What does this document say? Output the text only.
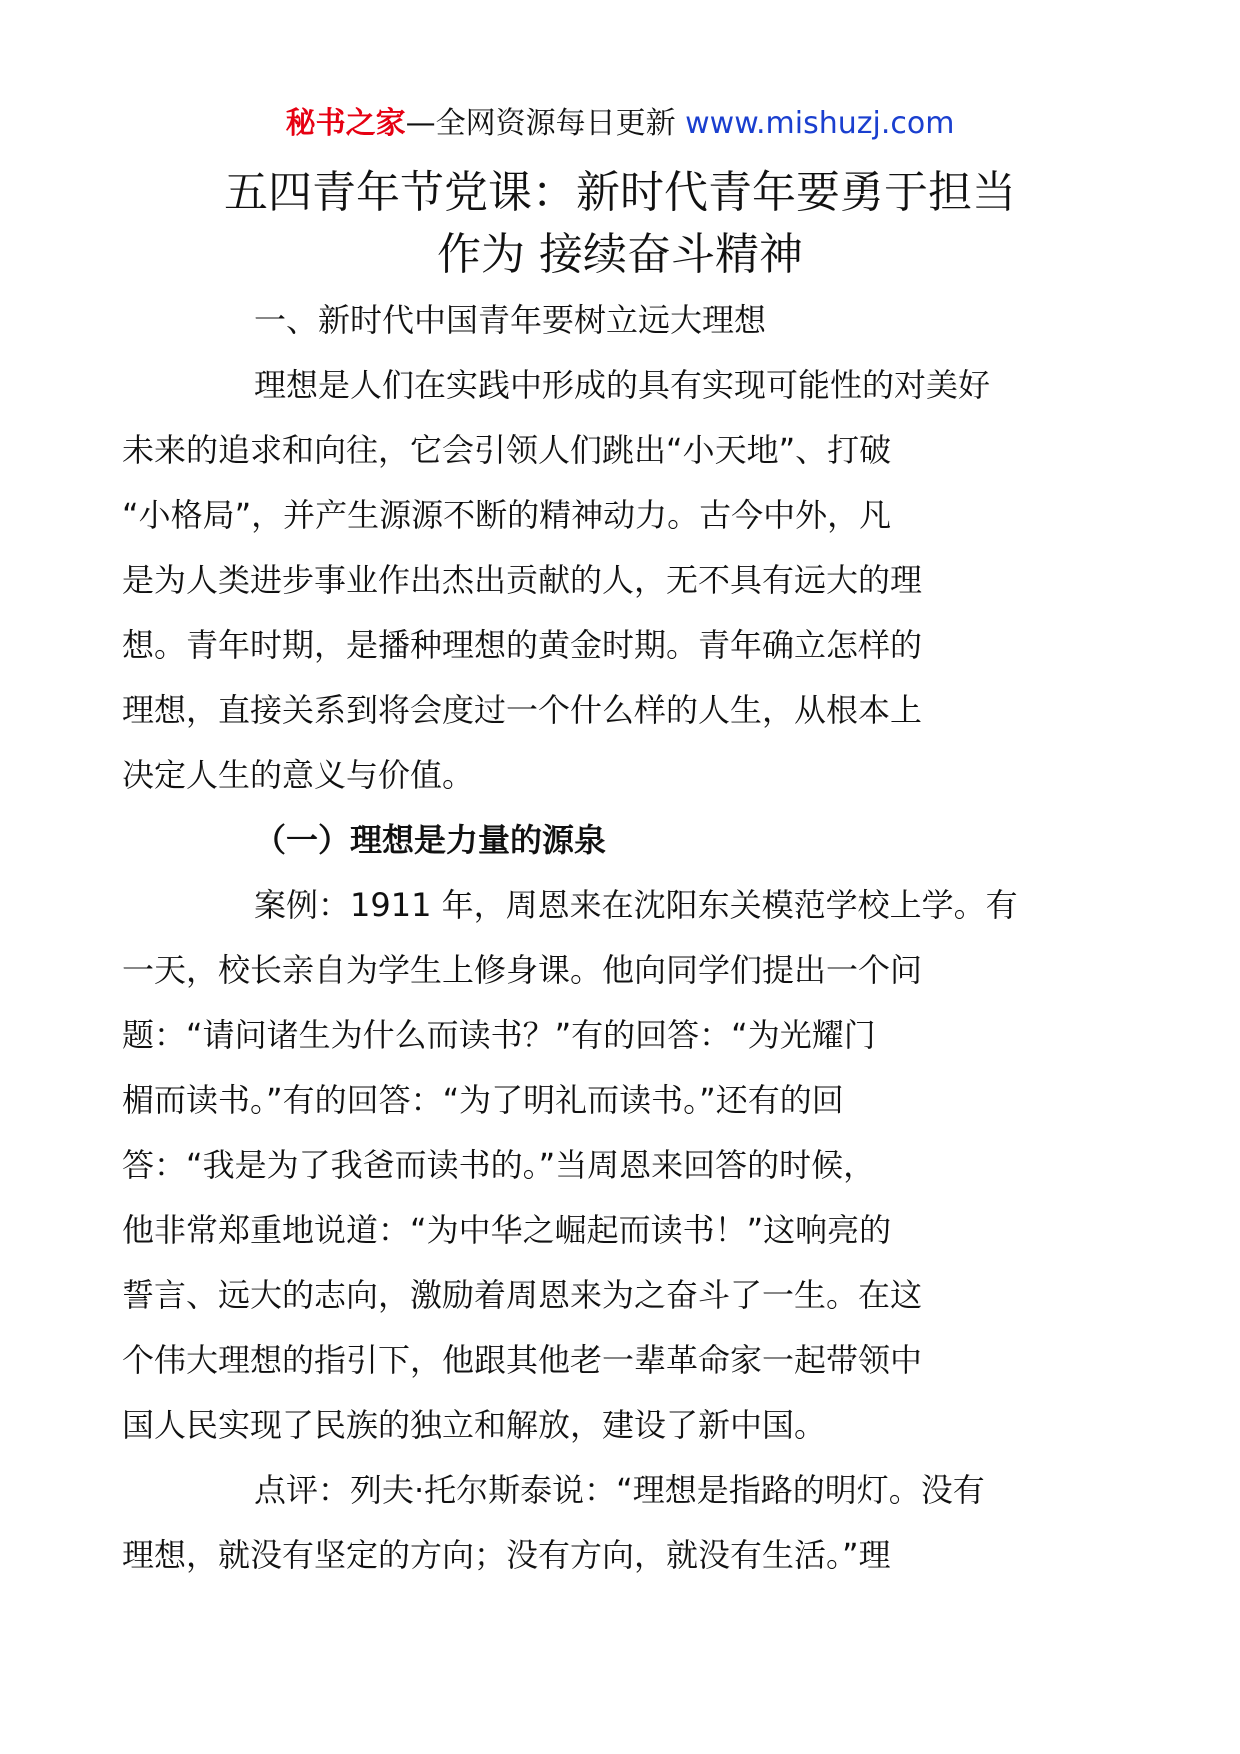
秘书之家—全网资源每日更新 www.mishuzj.com
五四青年节党课：新时代青年要勇于担当
作为 接续奋斗精神
一、新时代中国青年要树立远大理想
理想是人们在实践中形成的具有实现可能性的对美好
未来的追求和向往，它会引领人们跳出“小天地”、打破
“小格局”，并产生源源不断的精神动力。古今中外，凡
是为人类进步事业作出杰出贡献的人，无不具有远大的理
想。青年时期，是播种理想的黄金时期。青年确立怎样的
理想，直接关系到将会度过一个什么样的人生，从根本上
决定人生的意义与价值。
（一）理想是力量的源泉
案例：1911 年，周恩来在沈阳东关模范学校上学。有
一天，校长亲自为学生上修身课。他向同学们提出一个问
题：“请问诸生为什么而读书？”有的回答：“为光耀门
楣而读书。”有的回答：“为了明礼而读书。”还有的回
答：“我是为了我爸而读书的。”当周恩来回答的时候，
他非常郑重地说道：“为中华之崛起而读书！”这响亮的
誓言、远大的志向，激励着周恩来为之奋斗了一生。在这
个伟大理想的指引下，他跟其他老一辈革命家一起带领中
国人民实现了民族的独立和解放，建设了新中国。
点评：列夫·托尔斯泰说：“理想是指路的明灯。没有
理想，就没有坚定的方向；没有方向，就没有生活。”理
